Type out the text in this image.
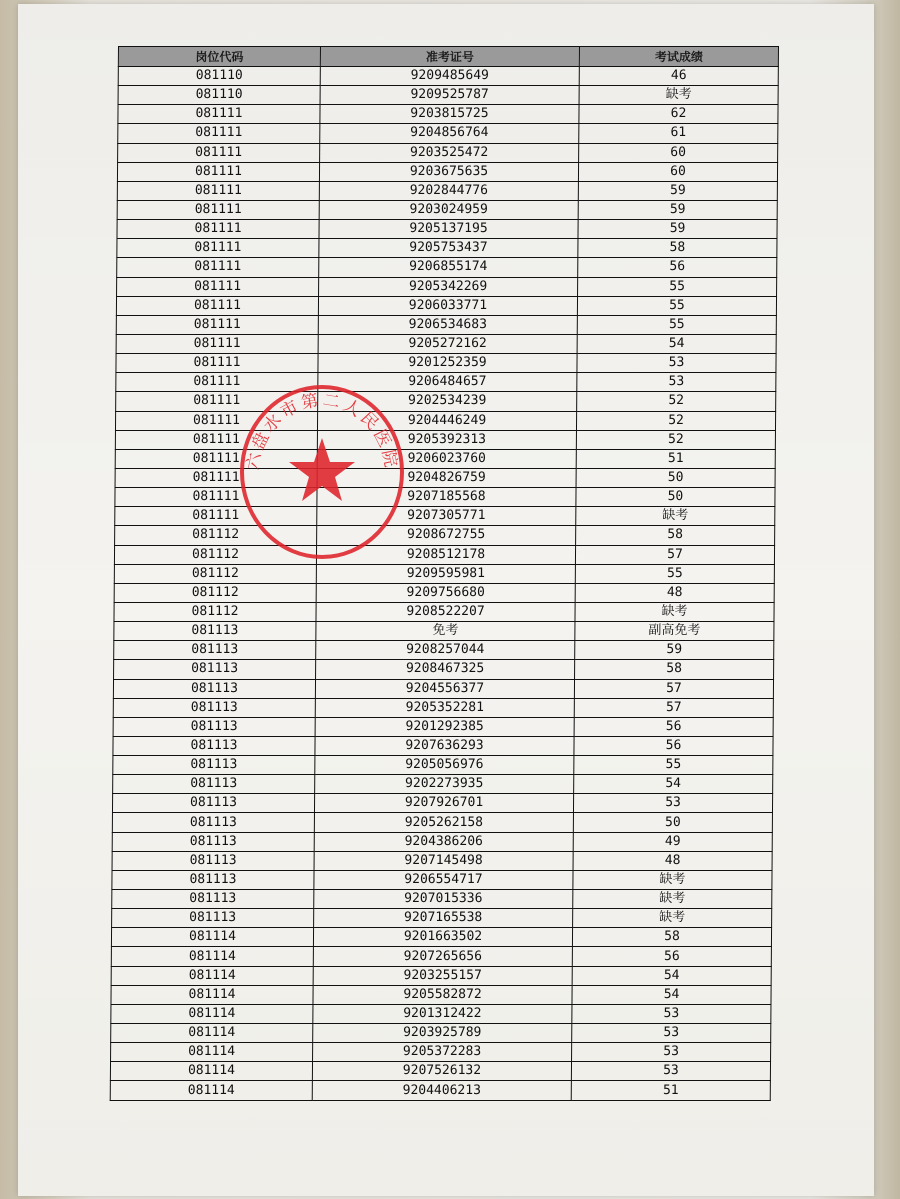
岗位代码	准考证号	考试成绩
081110	9209485649	46
081110	9209525787	缺考
081111	9203815725	62
081111	9204856764	61
081111	9203525472	60
081111	9203675635	60
081111	9202844776	59
081111	9203024959	59
081111	9205137195	59
081111	9205753437	58
081111	9206855174	56
081111	9205342269	55
081111	9206033771	55
081111	9206534683	55
081111	9205272162	54
081111	9201252359	53
081111	9206484657	53
081111	9202534239	52
081111	9204446249	52
081111	9205392313	52
081111	9206023760	51
081111	9204826759	50
081111	9207185568	50
081111	9207305771	缺考
081112	9208672755	58
081112	9208512178	57
081112	9209595981	55
081112	9209756680	48
081112	9208522207	缺考
081113	免考	副高免考
081113	9208257044	59
081113	9208467325	58
081113	9204556377	57
081113	9205352281	57
081113	9201292385	56
081113	9207636293	56
081113	9205056976	55
081113	9202273935	54
081113	9207926701	53
081113	9205262158	50
081113	9204386206	49
081113	9207145498	48
081113	9206554717	缺考
081113	9207015336	缺考
081113	9207165538	缺考
081114	9201663502	58
081114	9207265656	56
081114	9203255157	54
081114	9205582872	54
081114	9201312422	53
081114	9203925789	53
081114	9205372283	53
081114	9207526132	53
081114	9204406213	51
六盘水市第二人民医院
